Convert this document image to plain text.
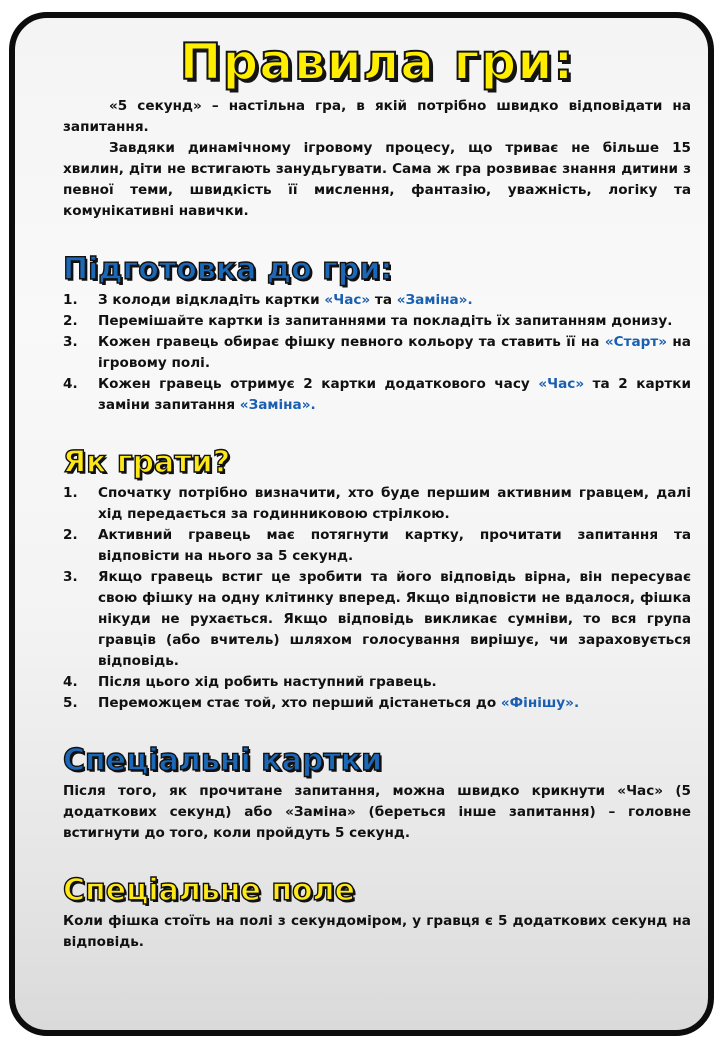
Правила гри:

«5 секунд» – настільна гра, в якій потрібно швидко відповідати на запитання.

Завдяки динамічному ігровому процесу, що триває не більше 15 хвилин, діти не встигають занудьгувати. Сама ж гра розвиває знання дитини з певної теми, швидкість її мислення, фантазію, уважність, логіку та комунікативні навички.

Підготовка до гри:
1. З колоди відкладіть картки «Час» та «Заміна».
2. Перемішайте картки із запитаннями та покладіть їх запитанням донизу.
3. Кожен гравець обирає фішку певного кольору та ставить її на «Старт» на ігровому полі.
4. Кожен гравець отримує 2 картки додаткового часу «Час» та 2 картки заміни запитання «Заміна».
Як грати?
1. Спочатку потрібно визначити, хто буде першим активним гравцем, далі хід передається за годинниковою стрілкою.
2. Активний гравець має потягнути картку, прочитати запитання та відповісти на нього за 5 секунд.
3. Якщо гравець встиг це зробити та його відповідь вірна, він пересуває свою фішку на одну клітинку вперед. Якщо відповісти не вдалося, фішка нікуди не рухається. Якщо відповідь викликає сумніви, то вся група гравців (або вчитель) шляхом голосування вирішує, чи зараховується відповідь.
4. Після цього хід робить наступний гравець.
5. Переможцем стає той, хто перший дістанеться до «Фінішу».
Спеціальні картки

Після того, як прочитане запитання, можна швидко крикнути «Час» (5 додаткових секунд) або «Заміна» (береться інше запитання) – головне встигнути до того, коли пройдуть 5 секунд.

Спеціальне поле

Коли фішка стоїть на полі з секундоміром, у гравця є 5 додаткових секунд на відповідь.
